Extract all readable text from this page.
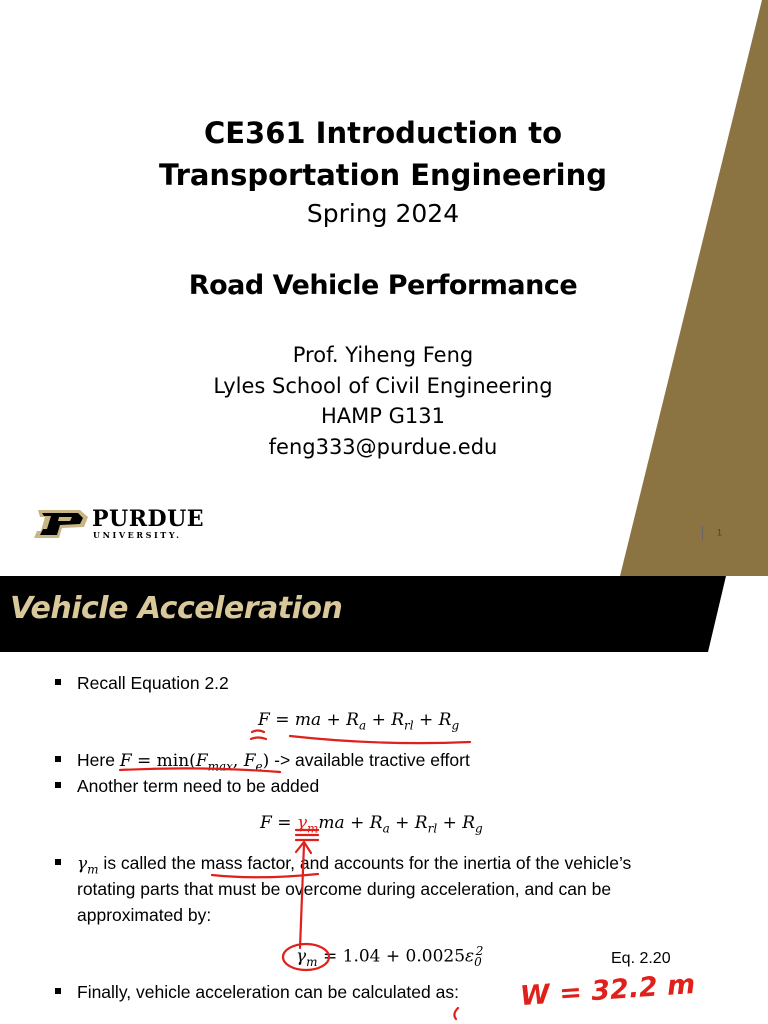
CE361 Introduction to
Transportation Engineering
Spring 2024
Road Vehicle Performance
Prof. Yiheng Feng
Lyles School of Civil Engineering
HAMP G131
feng333@purdue.edu
PURDUE
UNIVERSITY.	1
Vehicle Acceleration
Recall Equation 2.2
F = ma + $R_a + R_{rl} + R_g$
Here $F = \min(F_{max}$, $F_e$) -> available tractive effort
Another term need to be added
$F = \gamma_mma + R_a + R_{rl} + R_g$
$\gamma_m$ is called the mass factor, and accounts for the inertia of the vehicle’s
rotating parts that must be overcome during acceleration, and can be
approximated by:
$\gamma_m = 1.04 + 0.0025\varepsilon_0^2$	Eq. 2.20
Finally, vehicle acceleration can be calculated as: W = 32.2 m
